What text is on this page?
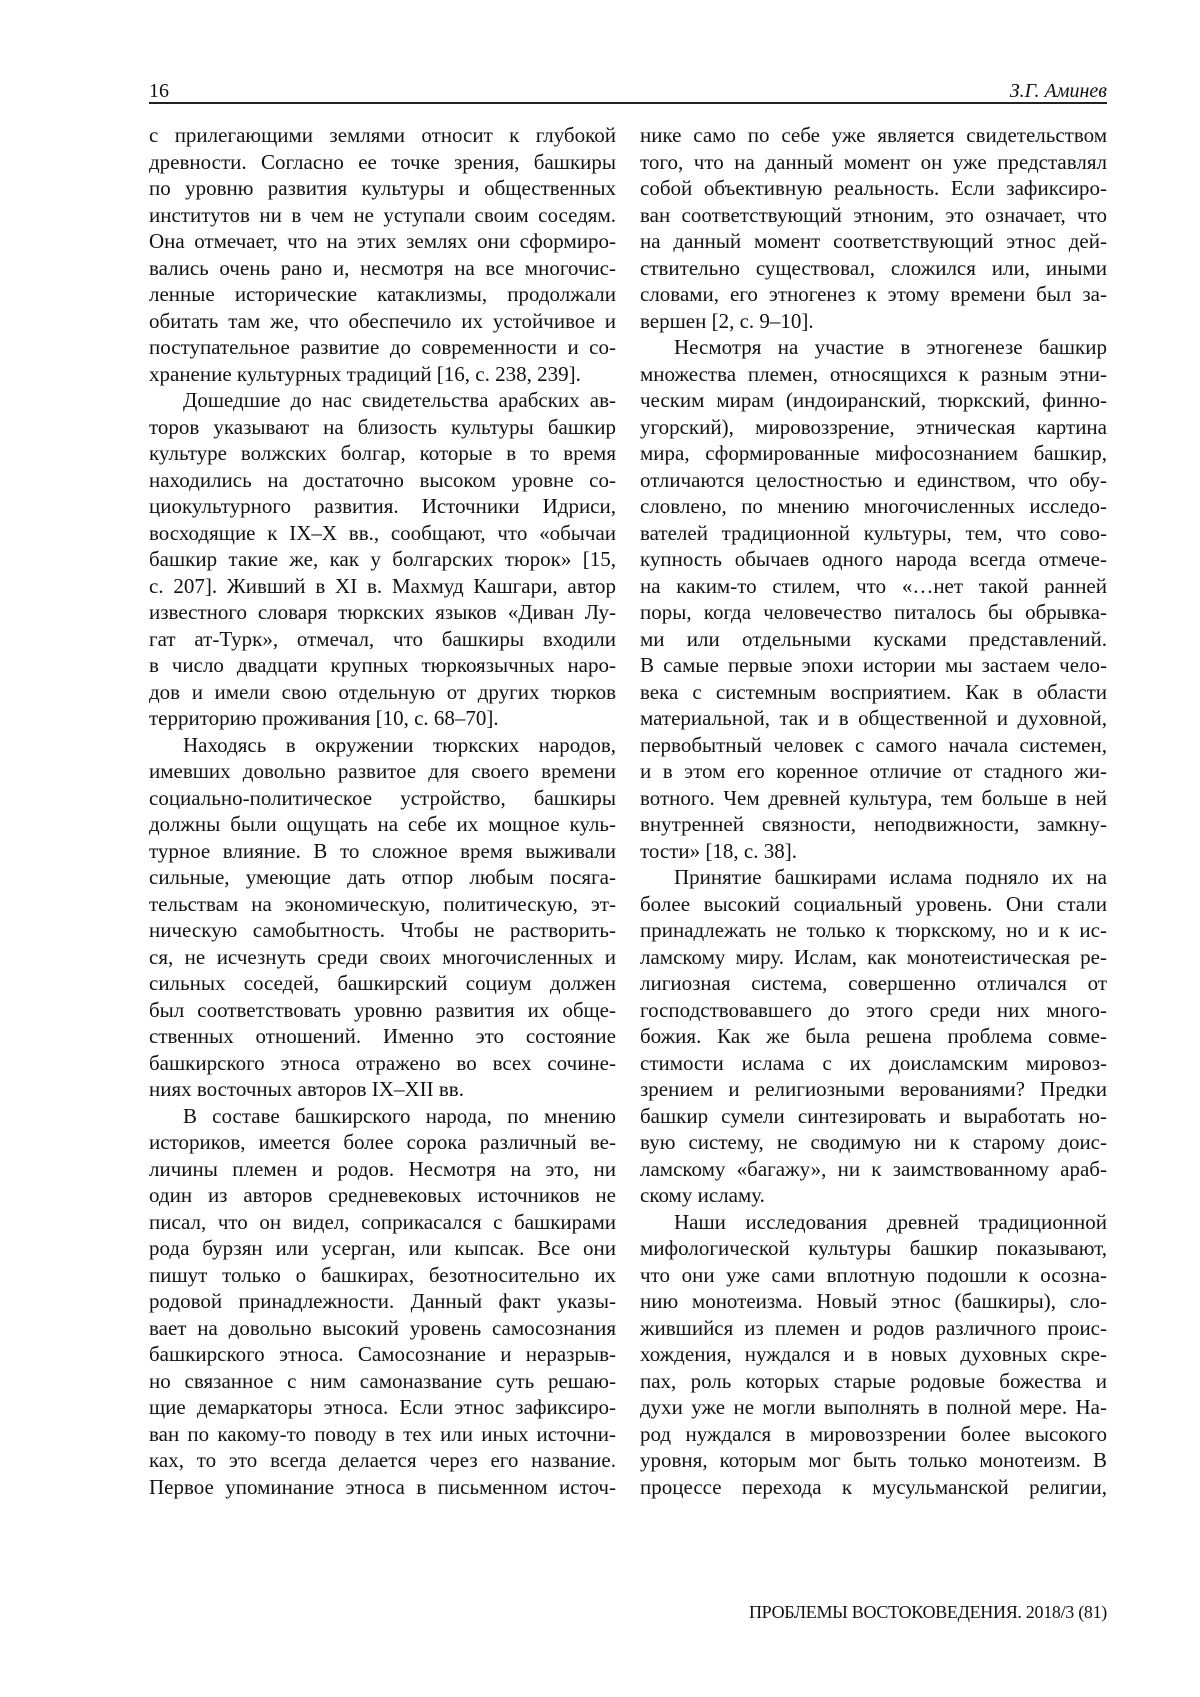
16	З.Г. Аминев
с прилегающими землями относит к глубокой
древности. Согласно ее точке зрения, башкиры
по уровню развития культуры и общественных
институтов ни в чем не уступали своим соседям.
Она отмечает, что на этих землях они сформиро-
вались очень рано и, несмотря на все многочис-
ленные исторические катаклизмы, продолжали
обитать там же, что обеспечило их устойчивое и
поступательное развитие до современности и со-
хранение культурных традиций [16, с. 238, 239].
Дошедшие до нас свидетельства арабских ав-
торов указывают на близость культуры башкир
культуре волжских болгар, которые в то время
находились на достаточно высоком уровне со-
циокультурного развития. Источники Идриси,
восходящие к IX–X вв., сообщают, что «обычаи
башкир такие же, как у болгарских тюрок» [15,
с. 207]. Живший в XI в. Махмуд Кашгари, автор
известного словаря тюркских языков «Диван Лу-
гат ат-Турк», отмечал, что башкиры входили
в число двадцати крупных тюркоязычных наро-
дов и имели свою отдельную от других тюрков
территорию проживания [10, с. 68–70].
Находясь в окружении тюркских народов,
имевших довольно развитое для своего времени
социально-политическое устройство, башкиры
должны были ощущать на себе их мощное куль-
турное влияние. В то сложное время выживали
сильные, умеющие дать отпор любым посяга-
тельствам на экономическую, политическую, эт-
ническую самобытность. Чтобы не растворить-
ся, не исчезнуть среди своих многочисленных и
сильных соседей, башкирский социум должен
был соответствовать уровню развития их обще-
ственных отношений. Именно это состояние
башкирского этноса отражено во всех сочине-
ниях восточных авторов IX–XII вв.
В составе башкирского народа, по мнению
историков, имеется более сорока различный ве-
личины племен и родов. Несмотря на это, ни
один из авторов средневековых источников не
писал, что он видел, соприкасался с башкирами
рода бурзян или усерган, или кыпсак. Все они
пишут только о башкирах, безотносительно их
родовой принадлежности. Данный факт указы-
вает на довольно высокий уровень самосознания
башкирского этноса. Самосознание и неразрыв-
но связанное с ним самоназвание суть решаю-
щие демаркаторы этноса. Если этнос зафиксиро-
ван по какому-то поводу в тех или иных источни-
ках, то это всегда делается через его название.
Первое упоминание этноса в письменном источ-
нике само по себе уже является свидетельством
того, что на данный момент он уже представлял
собой объективную реальность. Если зафиксиро-
ван соответствующий этноним, это означает, что
на данный момент соответствующий этнос дей-
ствительно существовал, сложился или, иными
словами, его этногенез к этому времени был за-
вершен [2, с. 9–10].
Несмотря на участие в этногенезе башкир
множества племен, относящихся к разным этни-
ческим мирам (индоиранский, тюркский, финно-
угорский), мировоззрение, этническая картина
мира, сформированные мифосознанием башкир,
отличаются целостностью и единством, что обу-
словлено, по мнению многочисленных исследо-
вателей традиционной культуры, тем, что сово-
купность обычаев одного народа всегда отмече-
на каким-то стилем, что «…нет такой ранней
поры, когда человечество питалось бы обрывка-
ми или отдельными кусками представлений.
В самые первые эпохи истории мы застаем чело-
века с системным восприятием. Как в области
материальной, так и в общественной и духовной,
первобытный человек с самого начала системен,
и в этом его коренное отличие от стадного жи-
вотного. Чем древней культура, тем больше в ней
внутренней связности, неподвижности, замкну-
тости» [18, с. 38].
Принятие башкирами ислама подняло их на
более высокий социальный уровень. Они стали
принадлежать не только к тюркскому, но и к ис-
ламскому миру. Ислам, как монотеистическая ре-
лигиозная система, совершенно отличался от
господствовавшего до этого среди них много-
божия. Как же была решена проблема совме-
стимости ислама с их доисламским мировоз-
зрением и религиозными верованиями? Предки
башкир сумели синтезировать и выработать но-
вую систему, не сводимую ни к старому доис-
ламскому «багажу», ни к заимствованному араб-
скому исламу.
Наши исследования древней традиционной
мифологической культуры башкир показывают,
что они уже сами вплотную подошли к осозна-
нию монотеизма. Новый этнос (башкиры), сло-
жившийся из племен и родов различного проис-
хождения, нуждался и в новых духовных скре-
пах, роль которых старые родовые божества и
духи уже не могли выполнять в полной мере. На-
род нуждался в мировоззрении более высокого
уровня, которым мог быть только монотеизм. В
процессе перехода к мусульманской религии,
ПРОБЛЕМЫ ВОСТОКОВЕДЕНИЯ. 2018/3 (81)
